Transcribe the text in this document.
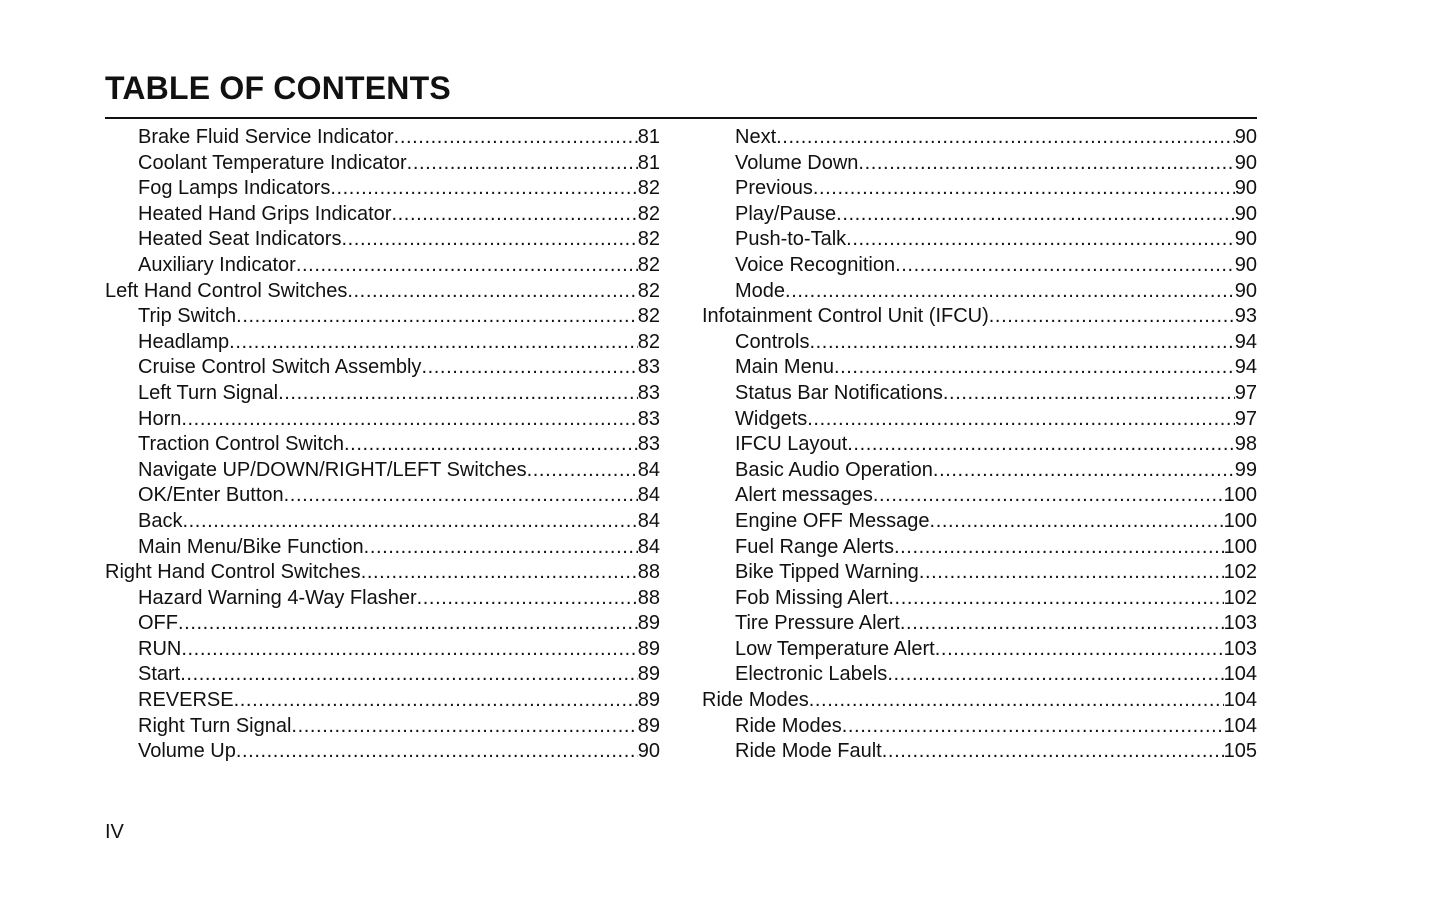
TABLE OF CONTENTS
Brake Fluid Service Indicator .....	81
Coolant Temperature Indicator .....	81
Fog Lamps Indicators .....	82
Heated Hand Grips Indicator .....	82
Heated Seat Indicators .....	82
Auxiliary Indicator .....	82
Left Hand Control Switches .....	82
Trip Switch .....	82
Headlamp .....	82
Cruise Control Switch Assembly .....	83
Left Turn Signal .....	83
Horn .....	83
Traction Control Switch .....	83
Navigate UP/DOWN/RIGHT/LEFT Switches .....	84
OK/Enter Button .....	84
Back .....	84
Main Menu/Bike Function .....	84
Right Hand Control Switches .....	88
Hazard Warning 4-Way Flasher .....	88
OFF .....	89
RUN .....	89
Start .....	89
REVERSE .....	89
Right Turn Signal .....	89
Volume Up .....	90
Next .....	90
Volume Down .....	90
Previous .....	90
Play/Pause .....	90
Push-to-Talk .....	90
Voice Recognition .....	90
Mode .....	90
Infotainment Control Unit (IFCU) .....	93
Controls .....	94
Main Menu .....	94
Status Bar Notifications .....	97
Widgets .....	97
IFCU Layout .....	98
Basic Audio Operation .....	99
Alert messages .....	100
Engine OFF Message .....	100
Fuel Range Alerts .....	100
Bike Tipped Warning .....	102
Fob Missing Alert .....	102
Tire Pressure Alert .....	103
Low Temperature Alert .....	103
Electronic Labels .....	104
Ride Modes .....	104
Ride Modes .....	104
Ride Mode Fault .....	105
IV
